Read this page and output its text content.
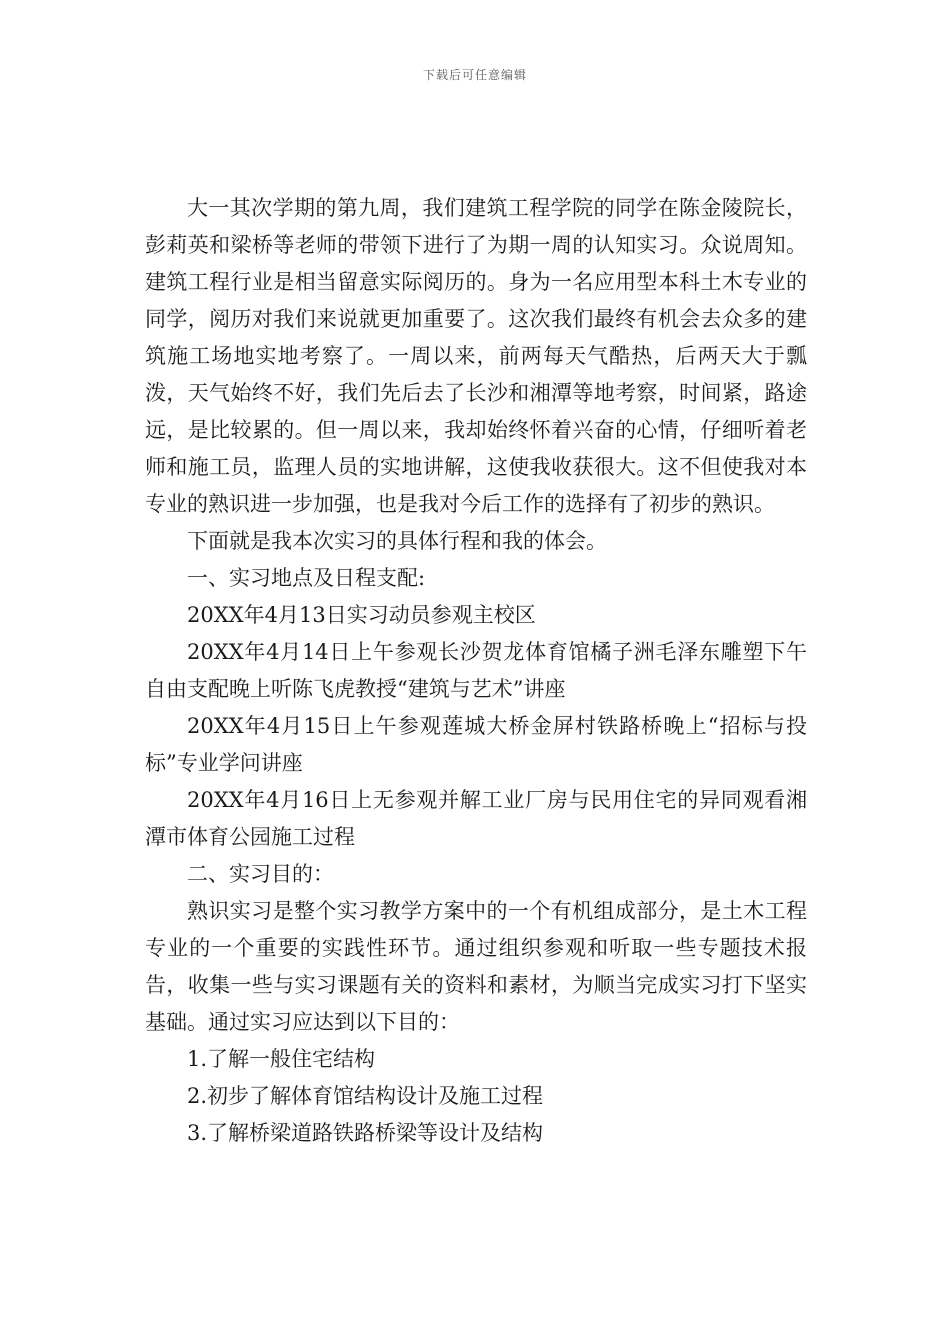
下载后可任意编辑

大一其次学期的第九周，我们建筑工程学院的同学在陈金陵院长，彭莉英和梁桥等老师的带领下进行了为期一周的认知实习。众说周知。建筑工程行业是相当留意实际阅历的。身为一名应用型本科土木专业的同学，阅历对我们来说就更加重要了。这次我们最终有机会去众多的建筑施工场地实地考察了。一周以来，前两每天气酷热，后两天大于瓢泼，天气始终不好，我们先后去了长沙和湘潭等地考察，时间紧，路途远，是比较累的。但一周以来，我却始终怀着兴奋的心情，仔细听着老师和施工员，监理人员的实地讲解，这使我收获很大。这不但使我对本专业的熟识进一步加强，也是我对今后工作的选择有了初步的熟识。

下面就是我本次实习的具体行程和我的体会。

一、实习地点及日程支配:

20XX年4月13日实习动员参观主校区

20XX年4月14日上午参观长沙贺龙体育馆橘子洲毛泽东雕塑下午自由支配晚上听陈飞虎教授“建筑与艺术”讲座

20XX年4月15日上午参观莲城大桥金屏村铁路桥晚上“招标与投标”专业学问讲座

20XX年4月16日上无参观并解工业厂房与民用住宅的异同观看湘潭市体育公园施工过程

二、实习目的：

熟识实习是整个实习教学方案中的一个有机组成部分，是土木工程专业的一个重要的实践性环节。通过组织参观和听取一些专题技术报告，收集一些与实习课题有关的资料和素材，为顺当完成实习打下坚实基础。通过实习应达到以下目的：

1.了解一般住宅结构

2.初步了解体育馆结构设计及施工过程

3.了解桥梁道路铁路桥梁等设计及结构
